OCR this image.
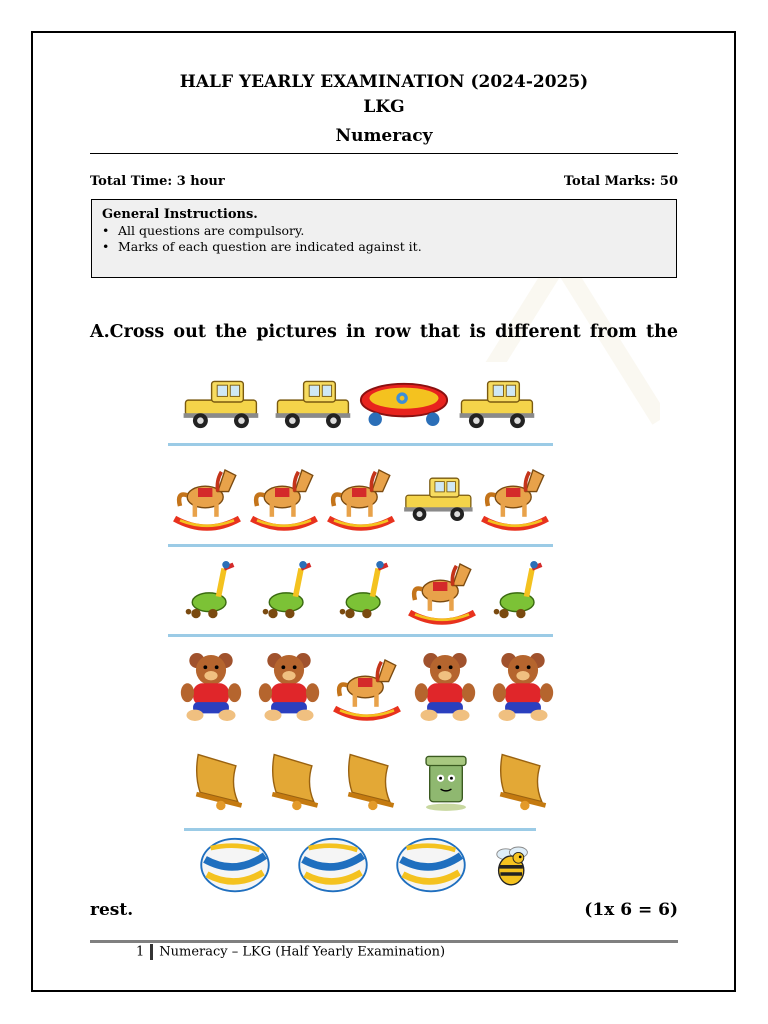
HALF YEARLY EXAMINATION (2024-2025)
LKG
Numeracy
Total Time: 3 hour	Total Marks: 50
General Instructions.
• All questions are compulsory.
• Marks of each question are indicated against it.
A.Cross out the pictures in row that is different from the
rest.	(1x 6 = 6)
1 Numeracy – LKG (Half Yearly Examination)
